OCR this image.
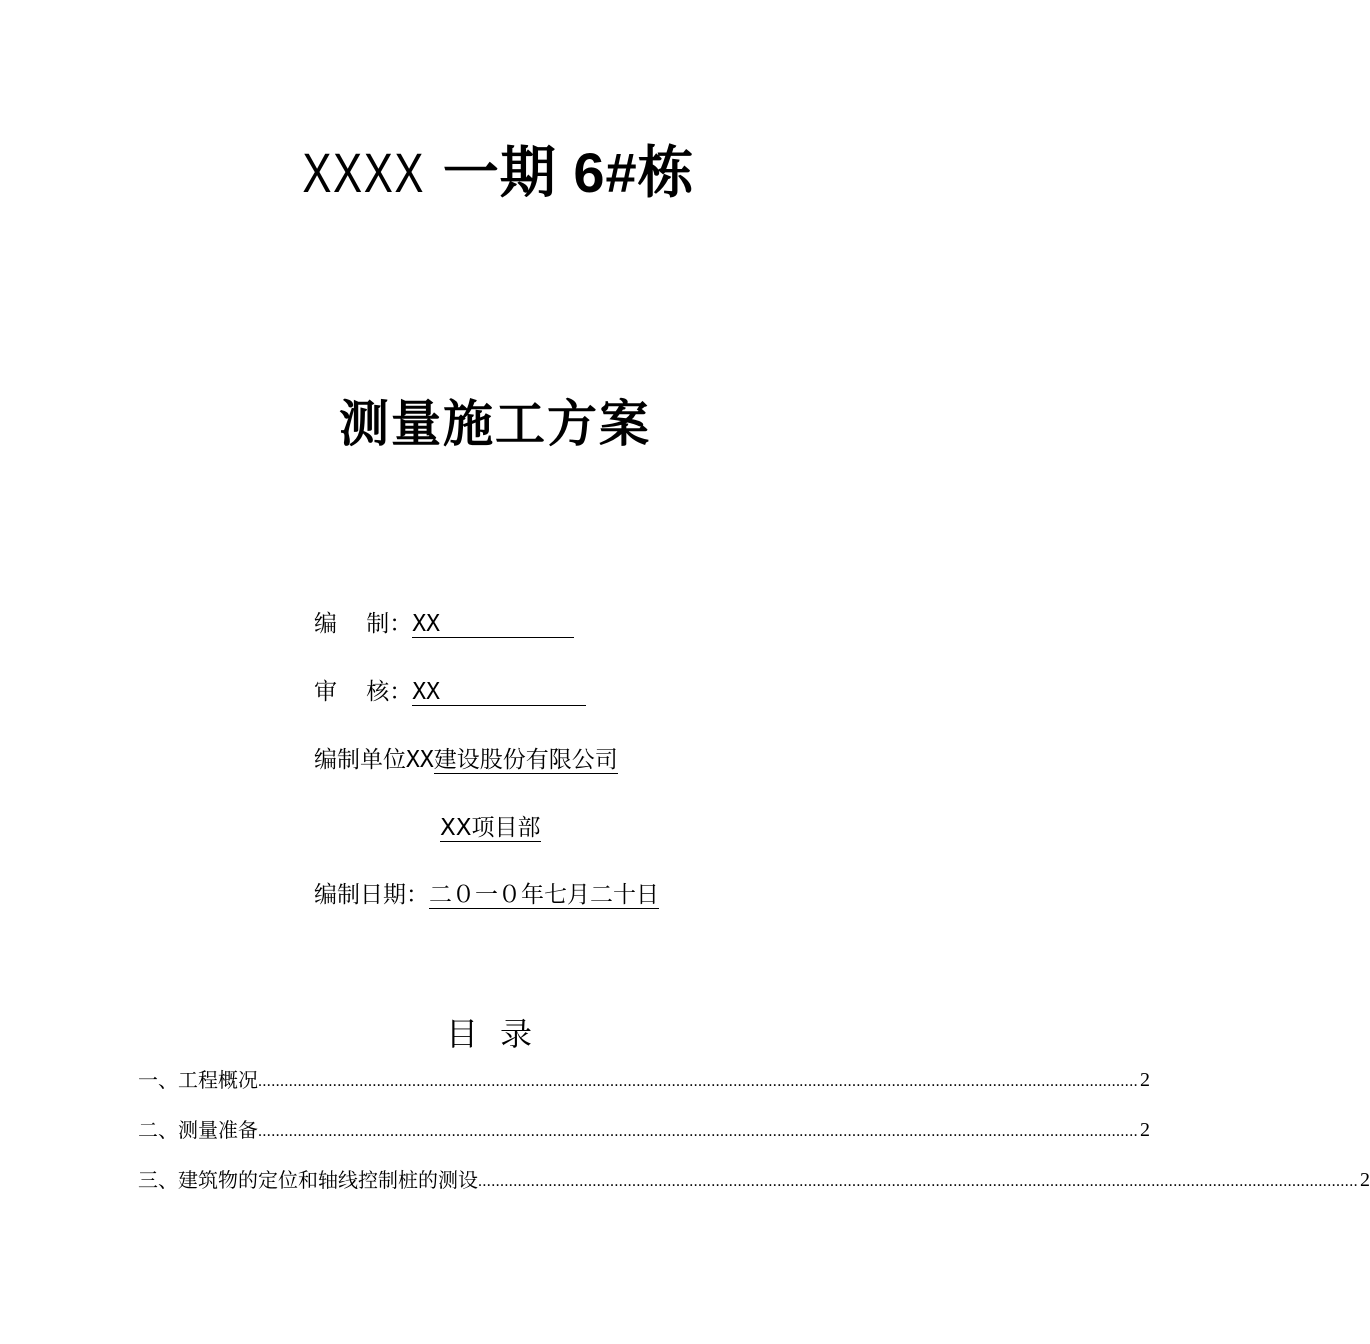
XXXX 一期 6#栋
测量施工方案
编    制：XX
审    核：XX
编制单位XX建设股份有限公司
XX项目部
编制日期：二０一０年七月二十日
目录
一、工程概况 ........................................................................................................................................................................................................ 2
二、测量准备 ........................................................................................................................................................................................................ 2
三、建筑物的定位和轴线控制桩的测设 ........................................................................................................................................................................................................ 2
